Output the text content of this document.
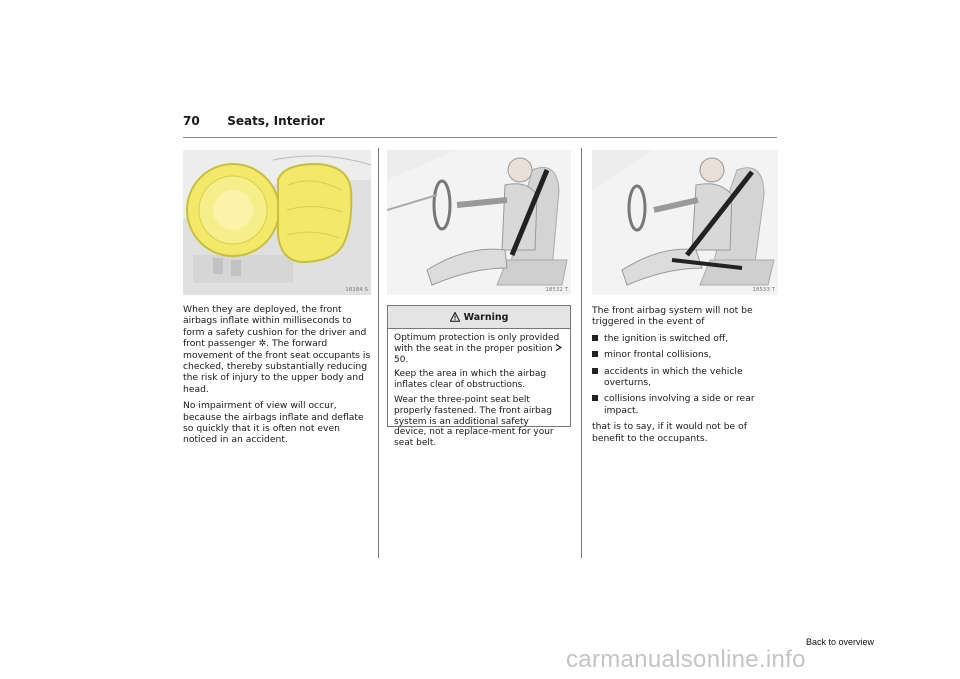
70 Seats, Interior
18184 S	18532 T	18533 T

When they are deployed, the front airbags inflate within milliseconds to form a safety cushion for the driver and front passenger ✲. The forward movement of the front seat occupants is checked, thereby substantially reducing the risk of injury to the upper body and head.

No impairment of view will occur, because the airbags inflate and deflate so quickly that it is often not even noticed in an accident.

Warning

Optimum protection is only provided with the seat in the proper position  50.

Keep the area in which the airbag inflates clear of obstructions.

Wear the three-point seat belt properly fastened. The front airbag system is an additional safety device, not a replace-ment for your seat belt.

The front airbag system will not be triggered in the event of

the ignition is switched off,
minor frontal collisions,
accidents in which the vehicle overturns,
collisions involving a side or rear impact.

that is to say, if it would not be of benefit to the occupants.

Back to overview
carmanualsonline.info
